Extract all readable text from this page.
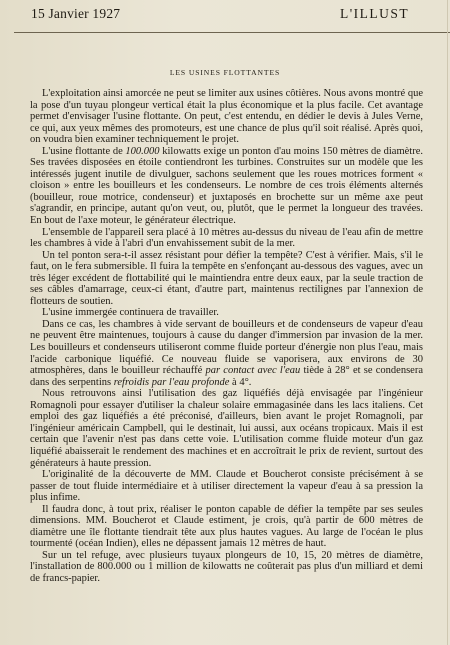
15 Janvier 1927	L'ILLUST
LES USINES FLOTTANTES

L'exploitation ainsi amorcée ne peut se limiter aux usines côtières. Nous avons montré que la pose d'un tuyau plongeur vertical était la plus économique et la plus facile. Cet avantage permet d'envisager l'usine flottante. On peut, c'est entendu, en dédier le devis à Jules Verne, ce qui, aux yeux mêmes des promoteurs, est une chance de plus qu'il soit réalisé. Après quoi, on voudra bien examiner techniquement le projet.

L'usine flottante de 100.000 kilowatts exige un ponton d'au moins 150 mètres de diamètre. Ses travées disposées en étoile contiendront les turbines. Construites sur un modèle que les intéressés jugent inutile de divulguer, sachons seulement que les roues motrices forment « cloison » entre les bouilleurs et les condenseurs. Le nombre de ces trois éléments alternés (bouilleur, roue motrice, condenseur) et juxtaposés en brochette sur un même axe peut s'agrandir, en principe, autant qu'on veut, ou, plutôt, que le permet la longueur des travées. En bout de l'axe moteur, le générateur électrique.

L'ensemble de l'appareil sera placé à 10 mètres au-dessus du niveau de l'eau afin de mettre les chambres à vide à l'abri d'un envahissement subit de la mer.

Un tel ponton sera-t-il assez résistant pour défier la tempête? C'est à vérifier. Mais, s'il le faut, on le fera submersible. Il fuira la tempête en s'enfonçant au-dessous des vagues, avec un très léger excédent de flottabilité qui le maintiendra entre deux eaux, par la seule traction de ses câbles d'amarrage, ceux-ci étant, d'autre part, maintenus rectilignes par l'annexion de flotteurs de soutien.

L'usine immergée continuera de travailler.

Dans ce cas, les chambres à vide servant de bouilleurs et de condenseurs de vapeur d'eau ne peuvent être maintenues, toujours à cause du danger d'immersion par invasion de la mer. Les bouilleurs et condenseurs utiliseront comme fluide porteur d'énergie non plus l'eau, mais l'acide carbonique liquéfié. Ce nouveau fluide se vaporisera, aux environs de 30 atmosphères, dans le bouilleur réchauffé par contact avec l'eau tiède à 28° et se condensera dans des serpentins refroidis par l'eau profonde à 4°.

Nous retrouvons ainsi l'utilisation des gaz liquéfiés déjà envisagée par l'ingénieur Romagnoli pour essayer d'utiliser la chaleur solaire emmagasinée dans les lacs italiens. Cet emploi des gaz liquéfiés a été préconisé, d'ailleurs, bien avant le projet Romagnoli, par l'ingénieur américain Campbell, qui le destinait, lui aussi, aux océans tropicaux. Mais il est certain que l'avenir n'est pas dans cette voie. L'utilisation comme fluide moteur d'un gaz liquéfié abaisserait le rendement des machines et en accroîtrait le prix de revient, surtout des générateurs à haute pression.

L'originalité de la découverte de MM. Claude et Boucherot consiste précisément à se passer de tout fluide intermédiaire et à utiliser directement la vapeur d'eau à sa pression la plus infime.

Il faudra donc, à tout prix, réaliser le ponton capable de défier la tempête par ses seules dimensions. MM. Boucherot et Claude estiment, je crois, qu'à partir de 600 mètres de diamètre une île flottante tiendrait tête aux plus hautes vagues. Au large de l'océan le plus tourmenté (océan Indien), elles ne dépassent jamais 12 mètres de haut.

Sur un tel refuge, avec plusieurs tuyaux plongeurs de 10, 15, 20 mètres de diamètre, l'installation de 800.000 ou 1 million de kilowatts ne coûterait pas plus d'un milliard et demi de francs-papier.
